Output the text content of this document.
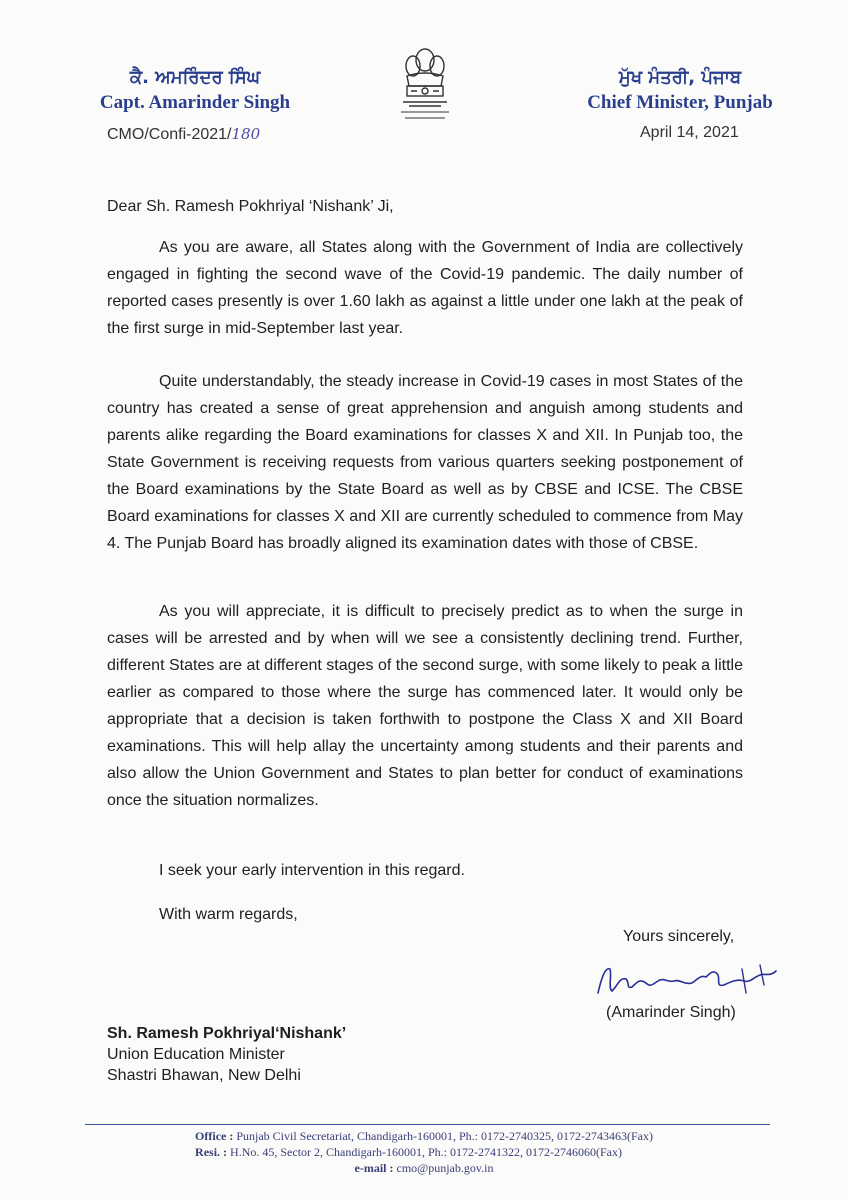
ਕੈ. ਅਮਰਿੰਦਰ ਸਿੰਘ
Capt. Amarinder Singh
CMO/Confi-2021/180
ਮੁੱਖ ਮੰਤਰੀ, ਪੰਜਾਬ
Chief Minister, Punjab
April 14, 2021
Dear Sh. Ramesh Pokhriyal ‘Nishank’ Ji,

As you are aware, all States along with the Government of India are collectively engaged in fighting the second wave of the Covid-19 pandemic. The daily number of reported cases presently is over 1.60 lakh as against a little under one lakh at the peak of the first surge in mid-September last year.

Quite understandably, the steady increase in Covid-19 cases in most States of the country has created a sense of great apprehension and anguish among students and parents alike regarding the Board examinations for classes X and XII. In Punjab too, the State Government is receiving requests from various quarters seeking postponement of the Board examinations by the State Board as well as by CBSE and ICSE. The CBSE Board examinations for classes X and XII are currently scheduled to commence from May 4. The Punjab Board has broadly aligned its examination dates with those of CBSE.

As you will appreciate, it is difficult to precisely predict as to when the surge in cases will be arrested and by when will we see a consistently declining trend. Further, different States are at different stages of the second surge, with some likely to peak a little earlier as compared to those where the surge has commenced later. It would only be appropriate that a decision is taken forthwith to postpone the Class X and XII Board examinations. This will help allay the uncertainty among students and their parents and also allow the Union Government and States to plan better for conduct of examinations once the situation normalizes.

I seek your early intervention in this regard.
With warm regards,
Yours sincerely,
(Amarinder Singh)
Sh. Ramesh Pokhriyal‘Nishank’
Union Education Minister
Shastri Bhawan, New Delhi
Office : Punjab Civil Secretariat, Chandigarh-160001, Ph.: 0172-2740325, 0172-2743463(Fax)
Resi. : H.No. 45, Sector 2, Chandigarh-160001, Ph.: 0172-2741322, 0172-2746060(Fax)
e-mail : cmo@punjab.gov.in
